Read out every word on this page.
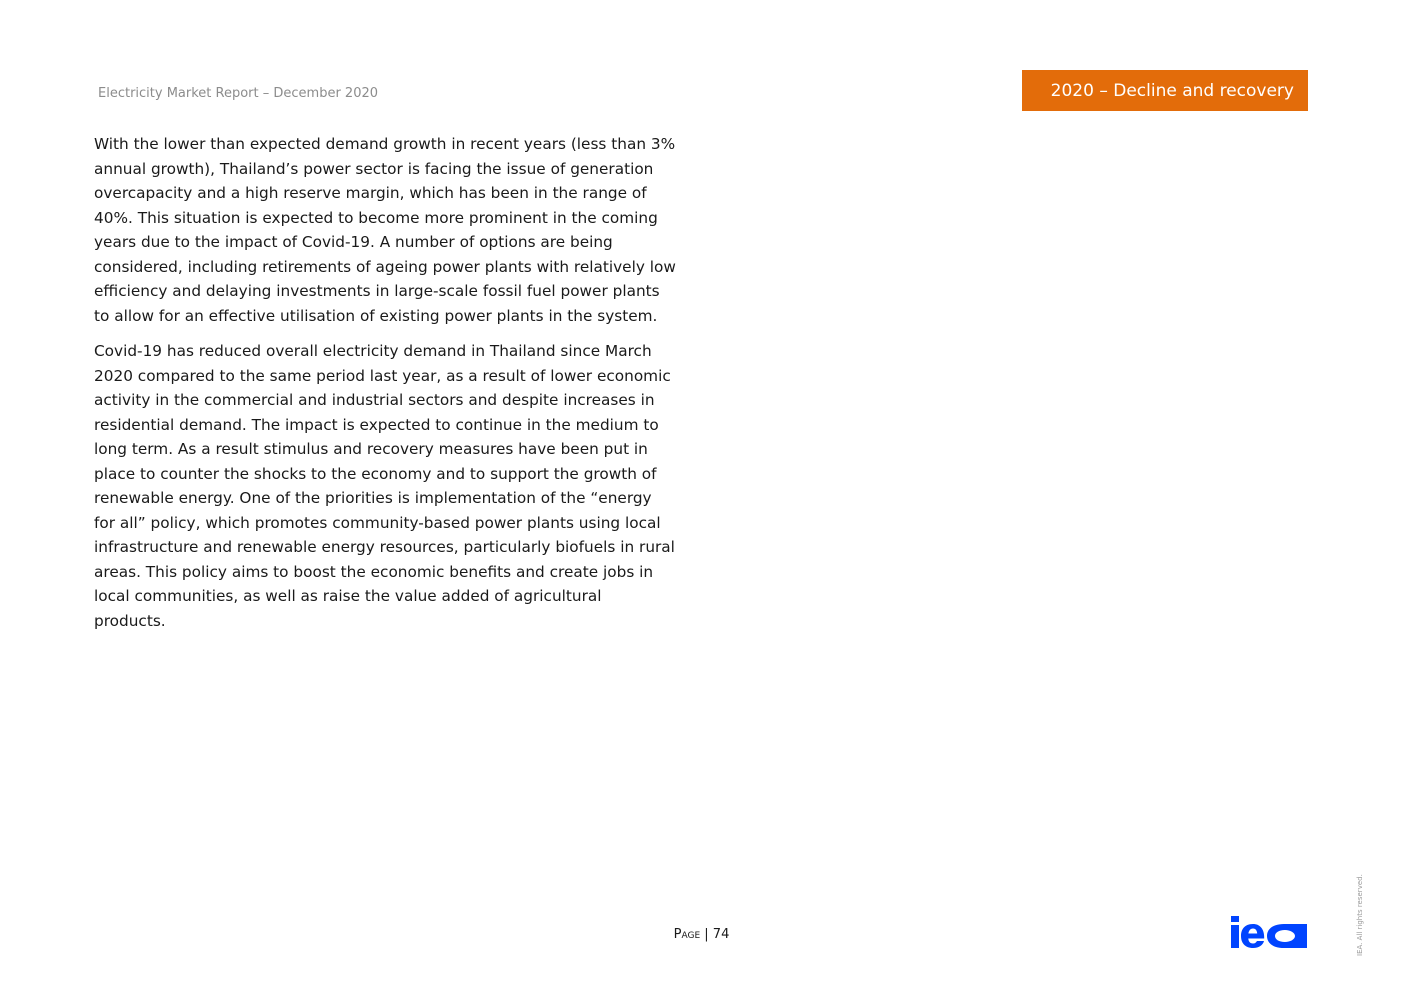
Electricity Market Report – December 2020	2020 – Decline and recovery

With the lower than expected demand growth in recent years (less than 3% annual growth), Thailand’s power sector is facing the issue of generation overcapacity and a high reserve margin, which has been in the range of 40%. This situation is expected to become more prominent in the coming years due to the impact of Covid-19. A number of options are being considered, including retirements of ageing power plants with relatively low efficiency and delaying investments in large-scale fossil fuel power plants to allow for an effective utilisation of existing power plants in the system.

Covid-19 has reduced overall electricity demand in Thailand since March 2020 compared to the same period last year, as a result of lower economic activity in the commercial and industrial sectors and despite increases in residential demand. The impact is expected to continue in the medium to long term. As a result stimulus and recovery measures have been put in place to counter the shocks to the economy and to support the growth of renewable energy. One of the priorities is implementation of the “energy for all” policy, which promotes community-based power plants using local infrastructure and renewable energy resources, particularly biofuels in rural areas. This policy aims to boost the economic benefits and create jobs in local communities, as well as raise the value added of agricultural products.

Page | 74	IEA. All rights reserved.
